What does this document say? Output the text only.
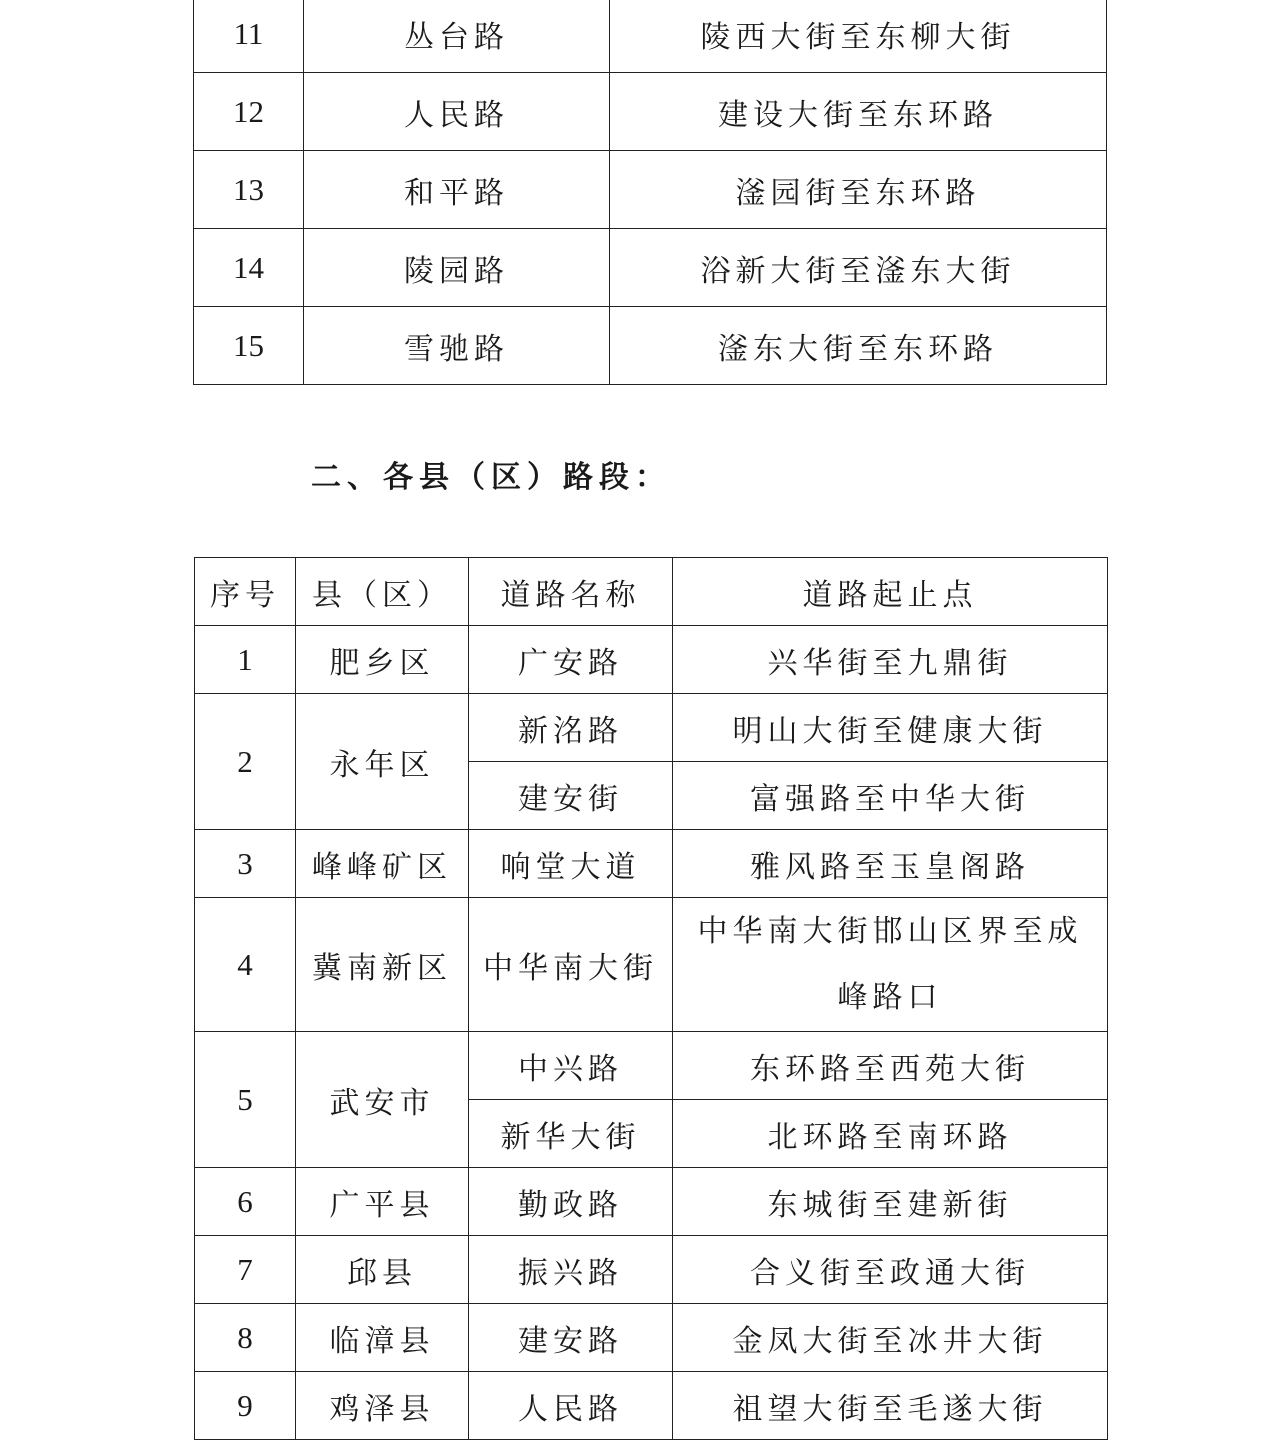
11	丛台路	陵西大街至东柳大街
12	人民路	建设大街至东环路
13	和平路	滏园街至东环路
14	陵园路	浴新大街至滏东大街
15	雪驰路	滏东大街至东环路
二、各县（区）路段：
序号	县（区）	道路名称	道路起止点
1	肥乡区	广安路	兴华街至九鼎街
2	永年区	新洺路	明山大街至健康大街
		建安街	富强路至中华大街
3	峰峰矿区	响堂大道	雅风路至玉皇阁路
4	冀南新区	中华南大街	中华南大街邯山区界至成峰路口
5	武安市	中兴路	东环路至西苑大街
		新华大街	北环路至南环路
6	广平县	勤政路	东城街至建新街
7	邱县	振兴路	合义街至政通大街
8	临漳县	建安路	金凤大街至冰井大街
9	鸡泽县	人民路	祖望大街至毛遂大街
